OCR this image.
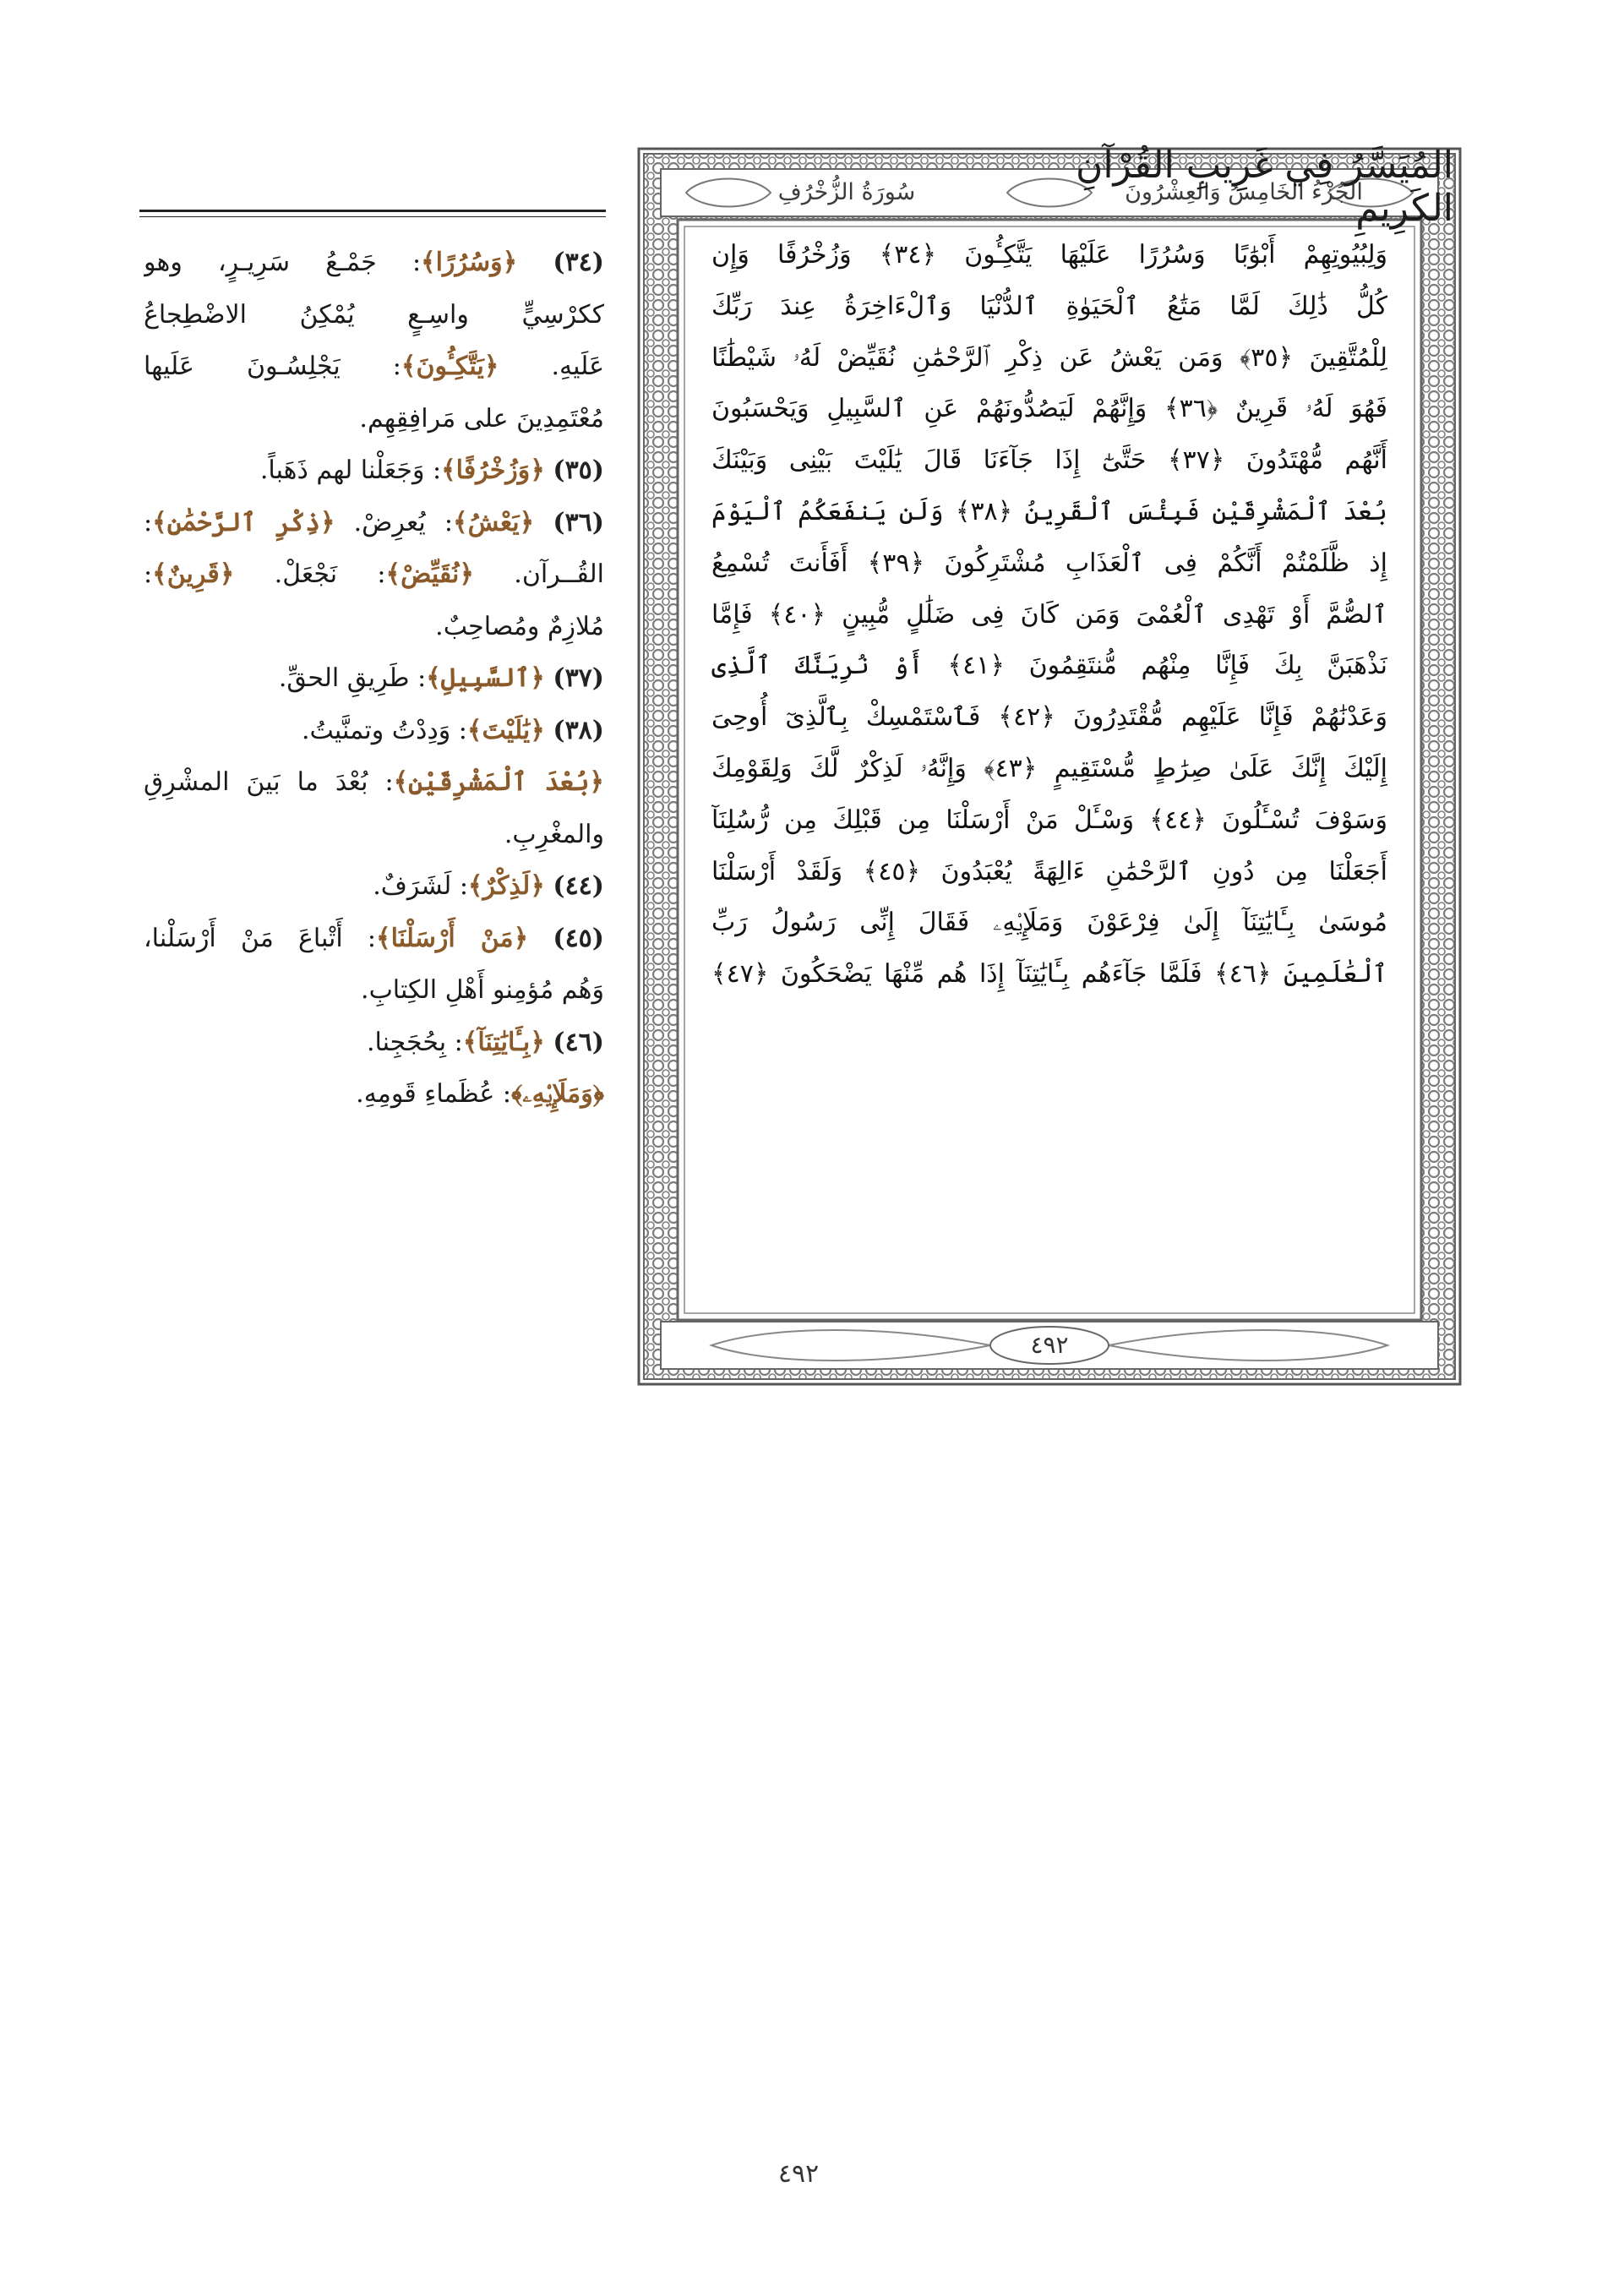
الجُزْءُ الخَامِسُ وَالعِشْرُونَ
سُورَةُ الزُّخْرُفِ
وَلِبُيُوتِهِمْ أَبْوَٰبًا وَسُرُرًا عَلَيْهَا يَتَّكِـُٔونَ ﴿٣٤﴾ وَزُخْرُفًا وَإِن
كُلُّ ذَٰلِكَ لَمَّا مَتَٰعُ ٱلْحَيَوٰةِ ٱلدُّنْيَا وَٱلْءَاخِرَةُ عِندَ رَبِّكَ
لِلْمُتَّقِينَ ﴿٣٥﴾ وَمَن يَعْشُ عَن ذِكْرِ ٱلرَّحْمَٰنِ نُقَيِّضْ لَهُۥ شَيْطَٰنًا
فَهُوَ لَهُۥ قَرِينٌ ﴿٣٦﴾ وَإِنَّهُمْ لَيَصُدُّونَهُمْ عَنِ ٱلسَّبِيلِ وَيَحْسَبُونَ
أَنَّهُم مُّهْتَدُونَ ﴿٣٧﴾ حَتَّىٰٓ إِذَا جَآءَنَا قَالَ يَٰلَيْتَ بَيْنِى وَبَيْنَكَ
بُعْدَ ٱلْمَشْرِقَيْنِ فَبِئْسَ ٱلْقَرِينُ ﴿٣٨﴾ وَلَن يَنفَعَكُمُ ٱلْيَوْمَ
إِذ ظَّلَمْتُمْ أَنَّكُمْ فِى ٱلْعَذَابِ مُشْتَرِكُونَ ﴿٣٩﴾ أَفَأَنتَ تُسْمِعُ
ٱلصُّمَّ أَوْ تَهْدِى ٱلْعُمْىَ وَمَن كَانَ فِى ضَلَٰلٍ مُّبِينٍ ﴿٤٠﴾ فَإِمَّا
نَذْهَبَنَّ بِكَ فَإِنَّا مِنْهُم مُّنتَقِمُونَ ﴿٤١﴾ أَوْ نُرِيَنَّكَ ٱلَّذِى
وَعَدْنَٰهُمْ فَإِنَّا عَلَيْهِم مُّقْتَدِرُونَ ﴿٤٢﴾ فَٱسْتَمْسِكْ بِٱلَّذِىٓ أُوحِىَ
إِلَيْكَ إِنَّكَ عَلَىٰ صِرَٰطٍ مُّسْتَقِيمٍ ﴿٤٣﴾ وَإِنَّهُۥ لَذِكْرٌ لَّكَ وَلِقَوْمِكَ
وَسَوْفَ تُسْـَٔلُونَ ﴿٤٤﴾ وَسْـَٔلْ مَنْ أَرْسَلْنَا مِن قَبْلِكَ مِن رُّسُلِنَآ
أَجَعَلْنَا مِن دُونِ ٱلرَّحْمَٰنِ ءَالِهَةً يُعْبَدُونَ ﴿٤٥﴾ وَلَقَدْ أَرْسَلْنَا
مُوسَىٰ بِـَٔايَٰتِنَآ إِلَىٰ فِرْعَوْنَ وَمَلَإِي۟هِۦ فَقَالَ إِنِّى رَسُولُ رَبِّ
ٱلْعَٰلَمِينَ ﴿٤٦﴾ فَلَمَّا جَآءَهُم بِـَٔايَٰتِنَآ إِذَا هُم مِّنْهَا يَضْحَكُونَ ﴿٤٧﴾
٤٩٢
المُيَسَّرُ فِي غَرِيبِ القُرْآنِ الكَرِيمِ
(٣٤) ﴿وَسُرُرًا﴾: جَمْـعُ سَرِيـرٍ، وهو
ككرْسِيٍّ واسِـعٍ يُمْكِنُ الاضْطِجاعُ
عَلَيهِ. ﴿يَتَّكِـُٔونَ﴾: يَجْلِسُـونَ عَلَيها
مُعْتَمِدِينَ على مَرافِقِهِم.
(٣٥) ﴿وَزُخْرُفًا﴾: وَجَعَلْنا لهم ذَهَباً.
(٣٦) ﴿يَعْشُ﴾: يُعرِضْ. ﴿ذِكْرِ ٱلرَّحْمَٰنِ﴾:
القُــرآن. ﴿نُقَيِّضْ﴾: نَجْعَلْ. ﴿قَرِينٌ﴾:
مُلازِمٌ ومُصاحِبٌ.
(٣٧) ﴿ٱلسَّبِيلِ﴾: طَرِيقِ الحقِّ.
(٣٨) ﴿يَٰلَيْتَ﴾: وَدِدْتُ وتمنَّيتُ.
﴿بُعْدَ ٱلْمَشْرِقَيْنِ﴾: بُعْدَ ما بَينَ المشْرِقِ
والمغْرِبِ.
(٤٤) ﴿لَذِكْرٌ﴾: لَشَرَفٌ.
(٤٥) ﴿مَنْ أَرْسَلْنَا﴾: أَتْباعَ مَنْ أَرْسَلْنا،
وَهُم مُؤمِنو أَهْلِ الكِتابِ.
(٤٦) ﴿بِـَٔايَٰتِنَآ﴾: بِحُجَجِنا.
﴿وَمَلَإِي۟هِۦ﴾: عُظَماءِ قَومِهِ.
٤٩٢
